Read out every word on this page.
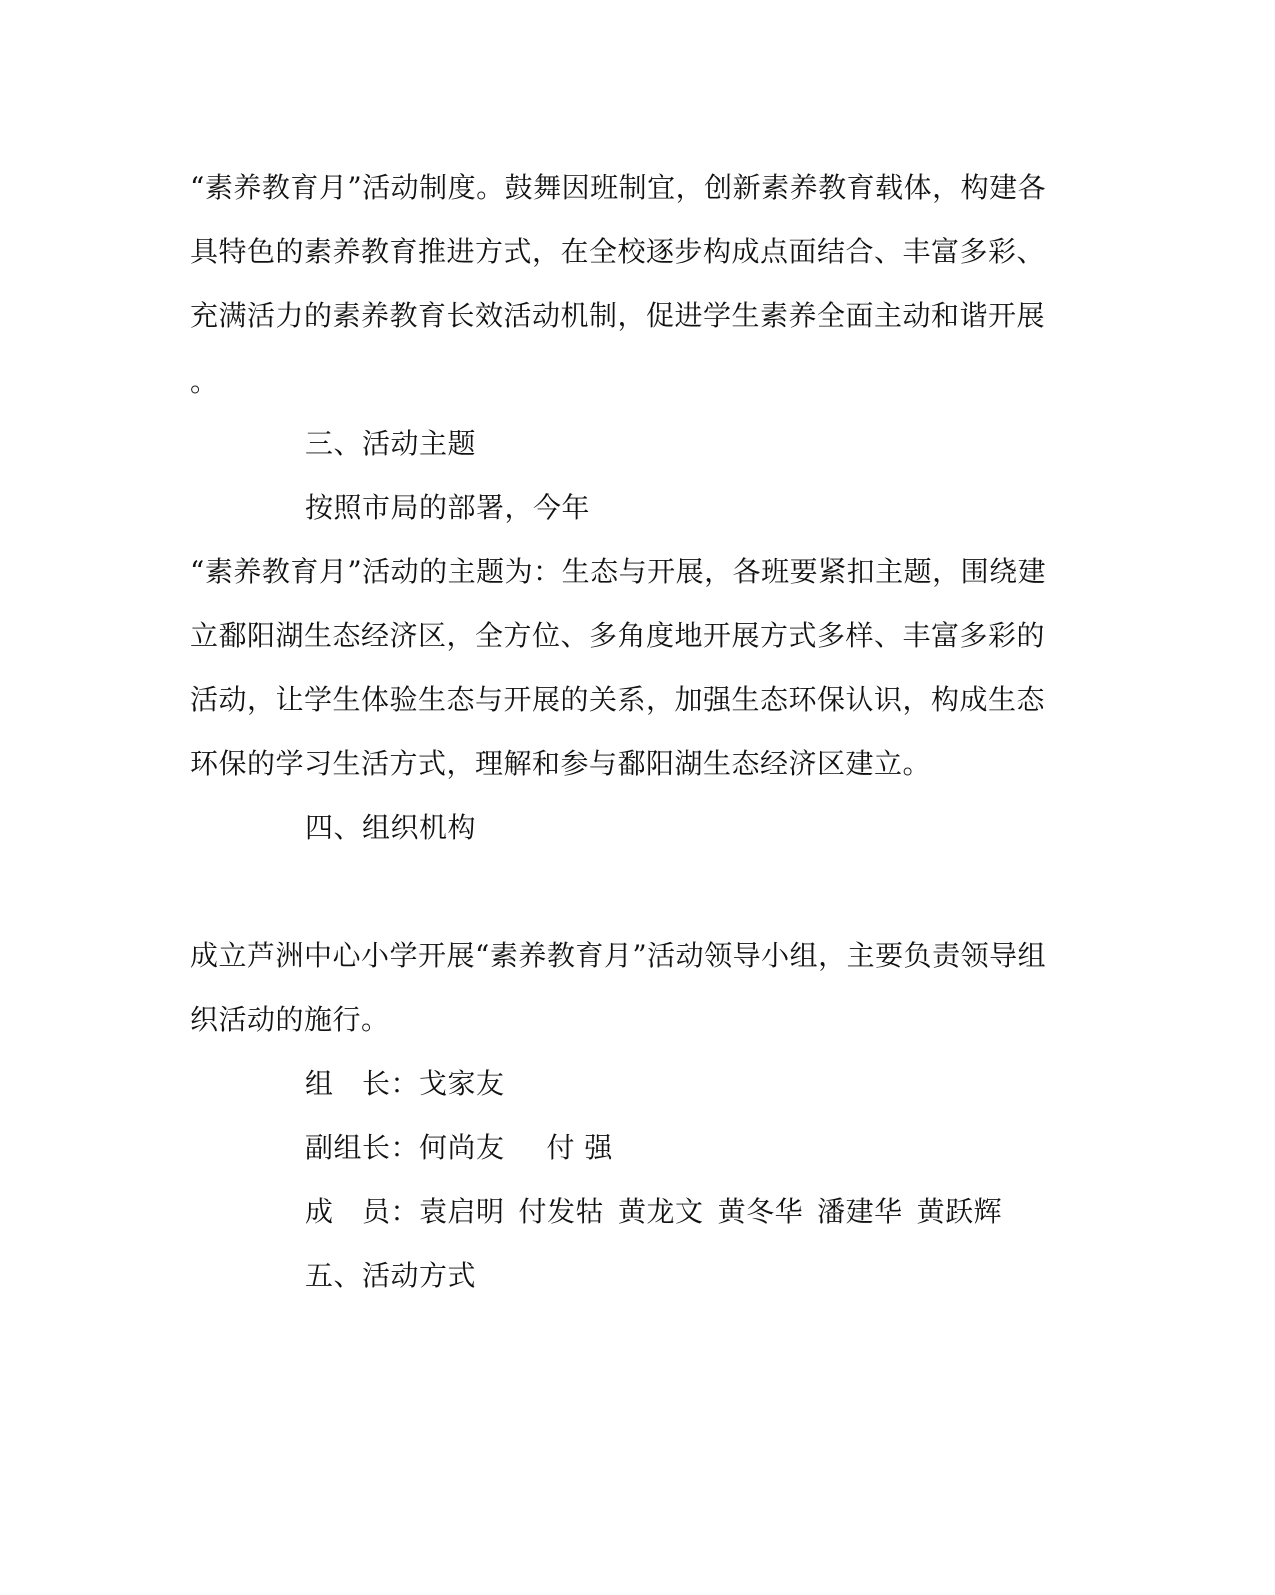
“素养教育月”活动制度。鼓舞因班制宜，创新素养教育载体，构建各
具特色的素养教育推进方式，在全校逐步构成点面结合、丰富多彩、
充满活力的素养教育长效活动机制，促进学生素养全面主动和谐开展
。
三、活动主题
按照市局的部署，今年
“素养教育月”活动的主题为：生态与开展，各班要紧扣主题，围绕建
立鄱阳湖生态经济区，全方位、多角度地开展方式多样、丰富多彩的
活动，让学生体验生态与开展的关系，加强生态环保认识，构成生态
环保的学习生活方式，理解和参与鄱阳湖生态经济区建立。
四、组织机构
成立芦洲中心小学开展“素养教育月”活动领导小组，主要负责领导组
织活动的施行。
组　长：戈家友
副组长：何尚友 付 强
成　员：袁启明 付发牯 黄龙文 黄冬华 潘建华 黄跃辉
五、活动方式
